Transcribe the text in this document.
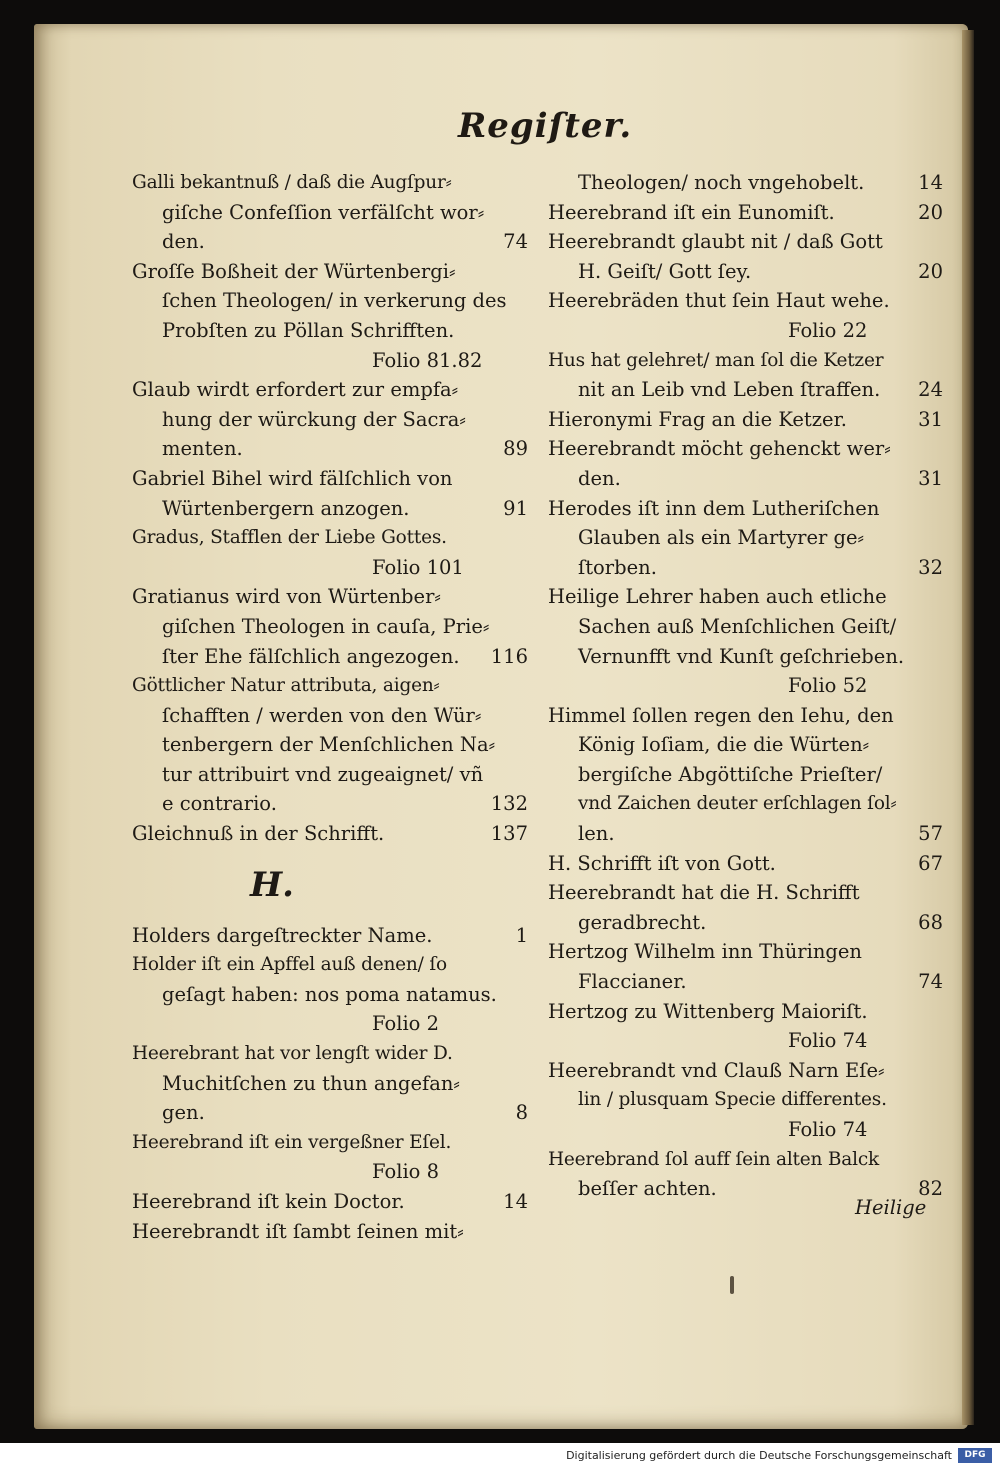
Regiſter.
Galli bekantnuß / daß die Augſpur⸗
giſche Confeſſion verfälſcht wor⸗
den.	74
Groſſe Boßheit der Würtenbergi⸗
ſchen Theologen/ in verkerung des
Probſten zu Pöllan Schrifften.
Folio 81.82
Glaub wirdt erfordert zur empfa⸗
hung der würckung der Sacra⸗
menten.	89
Gabriel Bihel wird fälſchlich von
Würtenbergern anzogen.	91
Gradus, Stafflen der Liebe Gottes.
Folio 101
Gratianus wird von Würtenber⸗
giſchen Theologen in cauſa, Prie⸗
ſter Ehe fälſchlich angezogen. 116
Göttlicher Natur attributa, aigen⸗
ſchafften / werden von den Wür⸗
tenbergern der Menſchlichen Na⸗
tur attribuirt vnd zugeaignet/ vñ
e contrario.	132
Gleichnuß in der Schrifft.	137
H.
Holders dargeſtreckter Name.	1
Holder iſt ein Apffel auß denen/ ſo
geſagt haben: nos poma natamus.
Folio 2
Heerebrant hat vor lengſt wider D.
Muchitſchen zu thun angefan⸗
gen.	8
Heerebrand iſt ein vergeßner Eſel.
Folio 8
Heerebrand iſt kein Doctor.	14
Heerebrandt iſt ſambt ſeinen mit⸗
Theologen/ noch vngehobelt.	14
Heerebrand iſt ein Eunomiſt.	20
Heerebrandt glaubt nit / daß Gott
H. Geiſt/ Gott ſey.	20
Heerebräden thut ſein Haut wehe.
Folio 22
Hus hat gelehret/ man ſol die Ketzer
nit an Leib vnd Leben ſtraffen. 24
Hieronymi Frag an die Ketzer.	31
Heerebrandt möcht gehenckt wer⸗
den.	31
Herodes iſt inn dem Lutheriſchen
Glauben als ein Martyrer ge⸗
ſtorben.	32
Heilige Lehrer haben auch etliche
Sachen auß Menſchlichen Geiſt/
Vernunfft vnd Kunſt geſchrieben.
Folio 52
Himmel ſollen regen den Iehu, den
König Ioſiam, die die Würten⸗
bergiſche Abgöttiſche Prieſter/
vnd Zaichen deuter erſchlagen ſol⸗
len.	57
H. Schrifft iſt von Gott.	67
Heerebrandt hat die H. Schrifft
geradbrecht.	68
Hertzog Wilhelm inn Thüringen
Flaccianer.	74
Hertzog zu Wittenberg Maioriſt.
Folio 74
Heerebrandt vnd Clauß Narn Eſe⸗
lin / plusquam Specie differentes.
Folio 74
Heerebrand ſol auff ſein alten Balck
beſſer achten.	82
Heilige
Digitalisierung gefördert durch die Deutsche Forschungsgemeinschaft	DFG
